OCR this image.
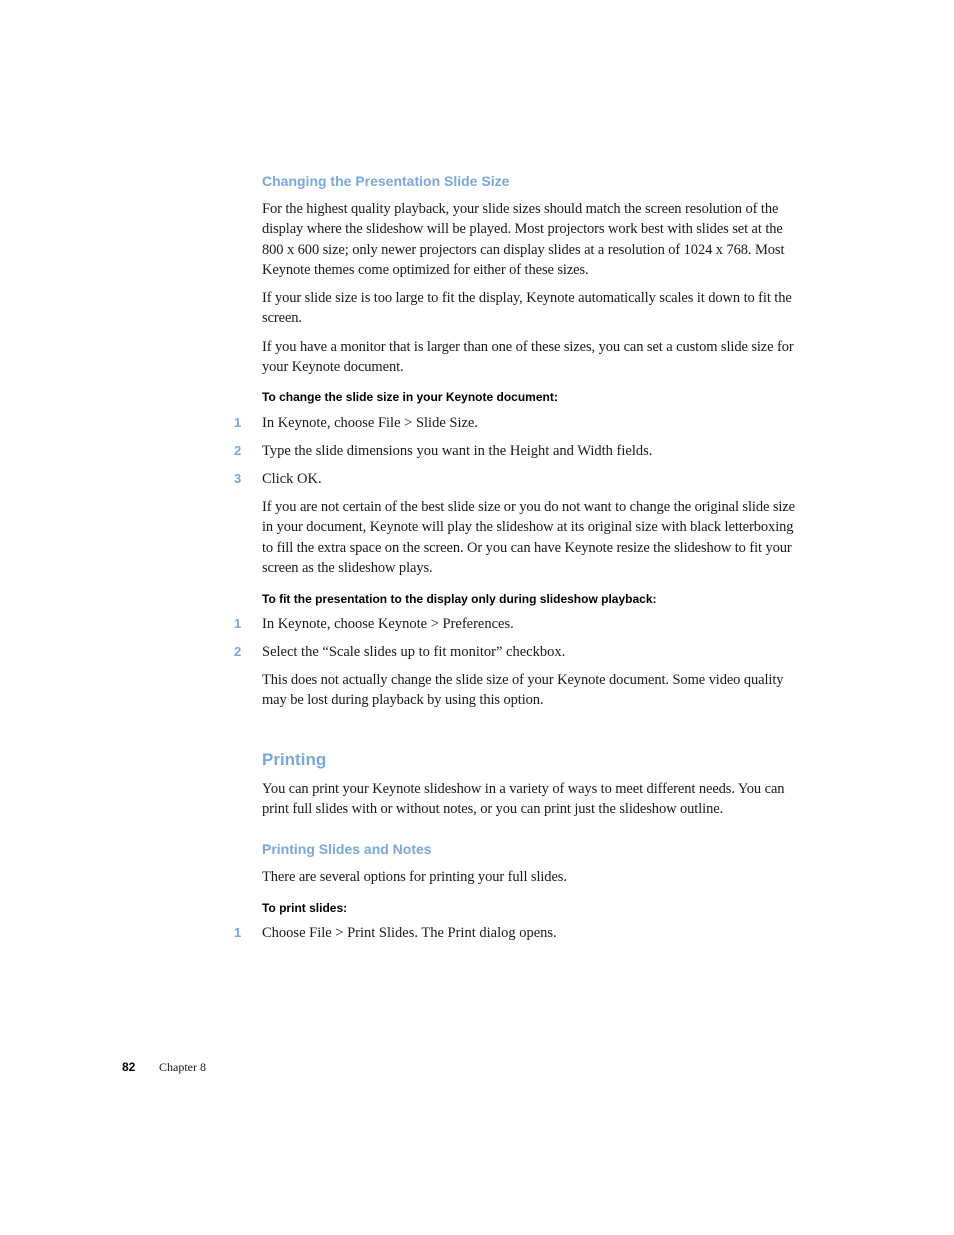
Changing the Presentation Slide Size

For the highest quality playback, your slide sizes should match the screen resolution of the display where the slideshow will be played. Most projectors work best with slides set at the 800 x 600 size; only newer projectors can display slides at a resolution of 1024 x 768. Most Keynote themes come optimized for either of these sizes.

If your slide size is too large to fit the display, Keynote automatically scales it down to fit the screen.

If you have a monitor that is larger than one of these sizes, you can set a custom slide size for your Keynote document.

To change the slide size in your Keynote document:
1 In Keynote, choose File > Slide Size.
2 Type the slide dimensions you want in the Height and Width fields.
3 Click OK.

If you are not certain of the best slide size or you do not want to change the original slide size in your document, Keynote will play the slideshow at its original size with black letterboxing to fill the extra space on the screen. Or you can have Keynote resize the slideshow to fit your screen as the slideshow plays.

To fit the presentation to the display only during slideshow playback:
1 In Keynote, choose Keynote > Preferences.
2 Select the “Scale slides up to fit monitor” checkbox.

This does not actually change the slide size of your Keynote document. Some video quality may be lost during playback by using this option.

Printing

You can print your Keynote slideshow in a variety of ways to meet different needs. You can print full slides with or without notes, or you can print just the slideshow outline.

Printing Slides and Notes

There are several options for printing your full slides.

To print slides:
1 Choose File > Print Slides. The Print dialog opens.
82 Chapter 8
